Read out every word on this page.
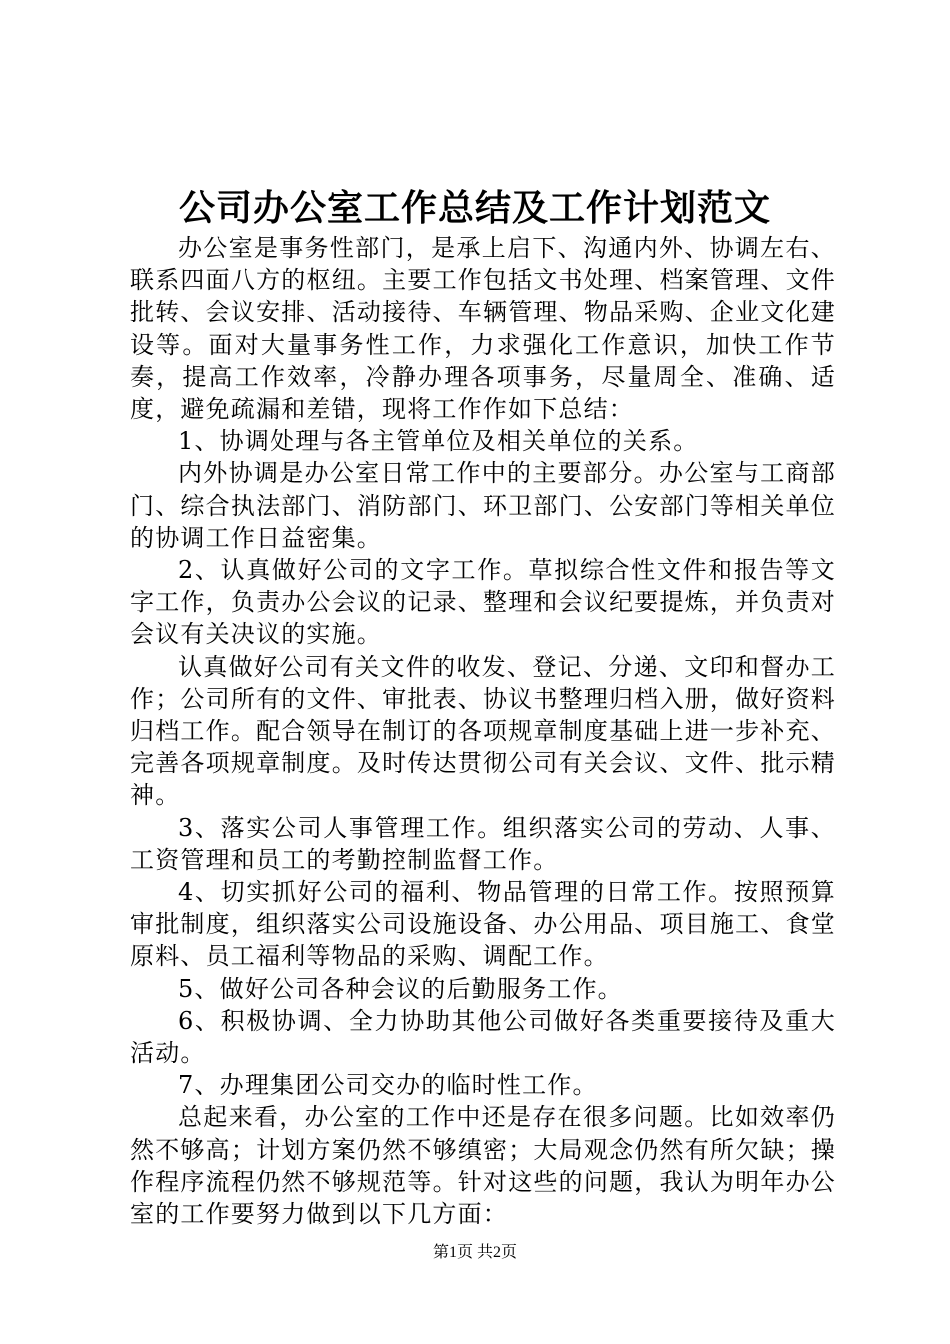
公司办公室工作总结及工作计划范文

办公室是事务性部门，是承上启下、沟通内外、协调左右、联系四面八方的枢纽。主要工作包括文书处理、档案管理、文件批转、会议安排、活动接待、车辆管理、物品采购、企业文化建设等。面对大量事务性工作，力求强化工作意识，加快工作节奏，提高工作效率，冷静办理各项事务，尽量周全、准确、适度，避免疏漏和差错，现将工作作如下总结：

1、协调处理与各主管单位及相关单位的关系。

内外协调是办公室日常工作中的主要部分。办公室与工商部门、综合执法部门、消防部门、环卫部门、公安部门等相关单位的协调工作日益密集。

2、认真做好公司的文字工作。草拟综合性文件和报告等文字工作，负责办公会议的记录、整理和会议纪要提炼，并负责对会议有关决议的实施。

认真做好公司有关文件的收发、登记、分递、文印和督办工作；公司所有的文件、审批表、协议书整理归档入册，做好资料归档工作。配合领导在制订的各项规章制度基础上进一步补充、完善各项规章制度。及时传达贯彻公司有关会议、文件、批示精神。

3、落实公司人事管理工作。组织落实公司的劳动、人事、工资管理和员工的考勤控制监督工作。

4、切实抓好公司的福利、物品管理的日常工作。按照预算审批制度，组织落实公司设施设备、办公用品、项目施工、食堂原料、员工福利等物品的采购、调配工作。

5、做好公司各种会议的后勤服务工作。

6、积极协调、全力协助其他公司做好各类重要接待及重大活动。

7、办理集团公司交办的临时性工作。

总起来看，办公室的工作中还是存在很多问题。比如效率仍然不够高；计划方案仍然不够缜密；大局观念仍然有所欠缺；操作程序流程仍然不够规范等。针对这些的问题，我认为明年办公室的工作要努力做到以下几方面：

第1页 共2页
